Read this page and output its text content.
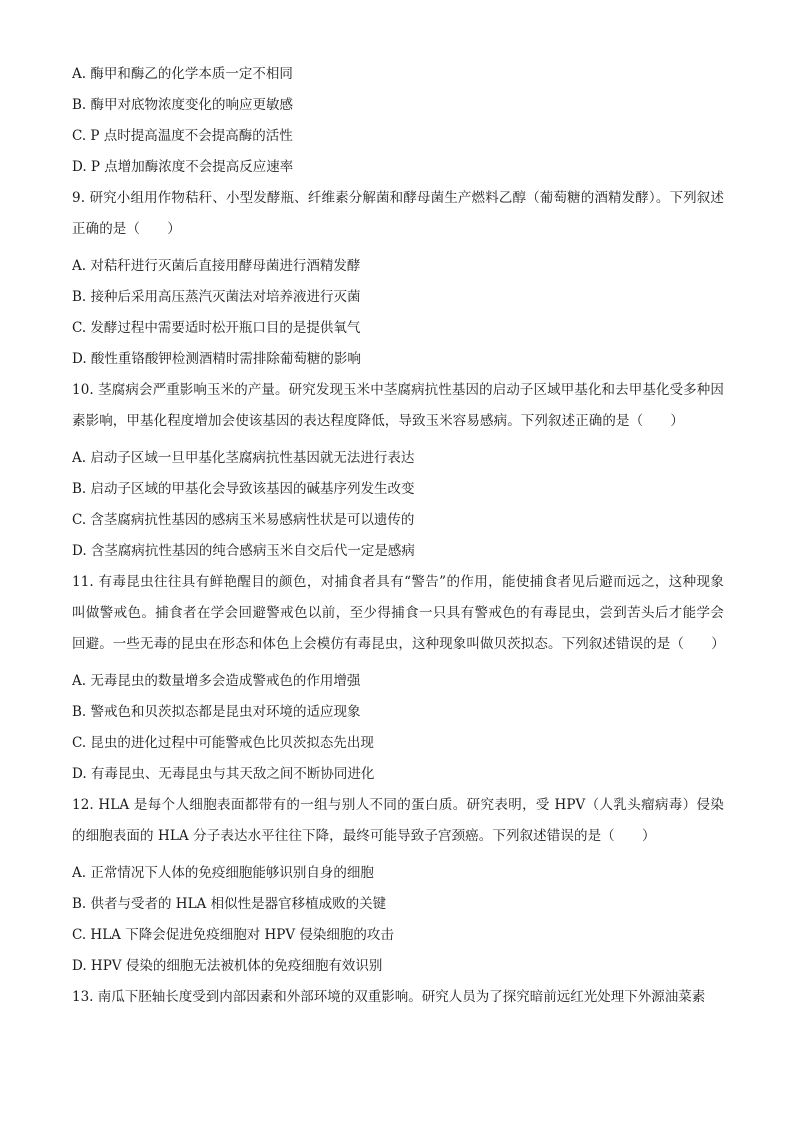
A. 酶甲和酶乙的化学本质一定不相同
B. 酶甲对底物浓度变化的响应更敏感
C. P 点时提高温度不会提高酶的活性
D. P 点增加酶浓度不会提高反应速率
9. 研究小组用作物秸秆、小型发酵瓶、纤维素分解菌和酵母菌生产燃料乙醇（葡萄糖的酒精发酵）。下列叙述正确的是（　　）
A. 对秸秆进行灭菌后直接用酵母菌进行酒精发酵
B. 接种后采用高压蒸汽灭菌法对培养液进行灭菌
C. 发酵过程中需要适时松开瓶口目的是提供氧气
D. 酸性重铬酸钾检测酒精时需排除葡萄糖的影响
10. 茎腐病会严重影响玉米的产量。研究发现玉米中茎腐病抗性基因的启动子区域甲基化和去甲基化受多种因素影响，甲基化程度增加会使该基因的表达程度降低，导致玉米容易感病。下列叙述正确的是（　　）
A. 启动子区域一旦甲基化茎腐病抗性基因就无法进行表达
B. 启动子区域的甲基化会导致该基因的碱基序列发生改变
C. 含茎腐病抗性基因的感病玉米易感病性状是可以遗传的
D. 含茎腐病抗性基因的纯合感病玉米自交后代一定是感病
11. 有毒昆虫往往具有鲜艳醒目的颜色，对捕食者具有“警告”的作用，能使捕食者见后避而远之，这种现象叫做警戒色。捕食者在学会回避警戒色以前，至少得捕食一只具有警戒色的有毒昆虫，尝到苦头后才能学会回避。一些无毒的昆虫在形态和体色上会模仿有毒昆虫，这种现象叫做贝茨拟态。下列叙述错误的是（　　）
A. 无毒昆虫的数量增多会造成警戒色的作用增强
B. 警戒色和贝茨拟态都是昆虫对环境的适应现象
C. 昆虫的进化过程中可能警戒色比贝茨拟态先出现
D. 有毒昆虫、无毒昆虫与其天敌之间不断协同进化
12. HLA 是每个人细胞表面都带有的一组与别人不同的蛋白质。研究表明，受 HPV（人乳头瘤病毒）侵染的细胞表面的 HLA 分子表达水平往往下降，最终可能导致子宫颈癌。下列叙述错误的是（　　）
A. 正常情况下人体的免疫细胞能够识别自身的细胞
B. 供者与受者的 HLA 相似性是器官移植成败的关键
C. HLA 下降会促进免疫细胞对 HPV 侵染细胞的攻击
D. HPV 侵染的细胞无法被机体的免疫细胞有效识别
13. 南瓜下胚轴长度受到内部因素和外部环境的双重影响。研究人员为了探究暗前远红光处理下外源油菜素
